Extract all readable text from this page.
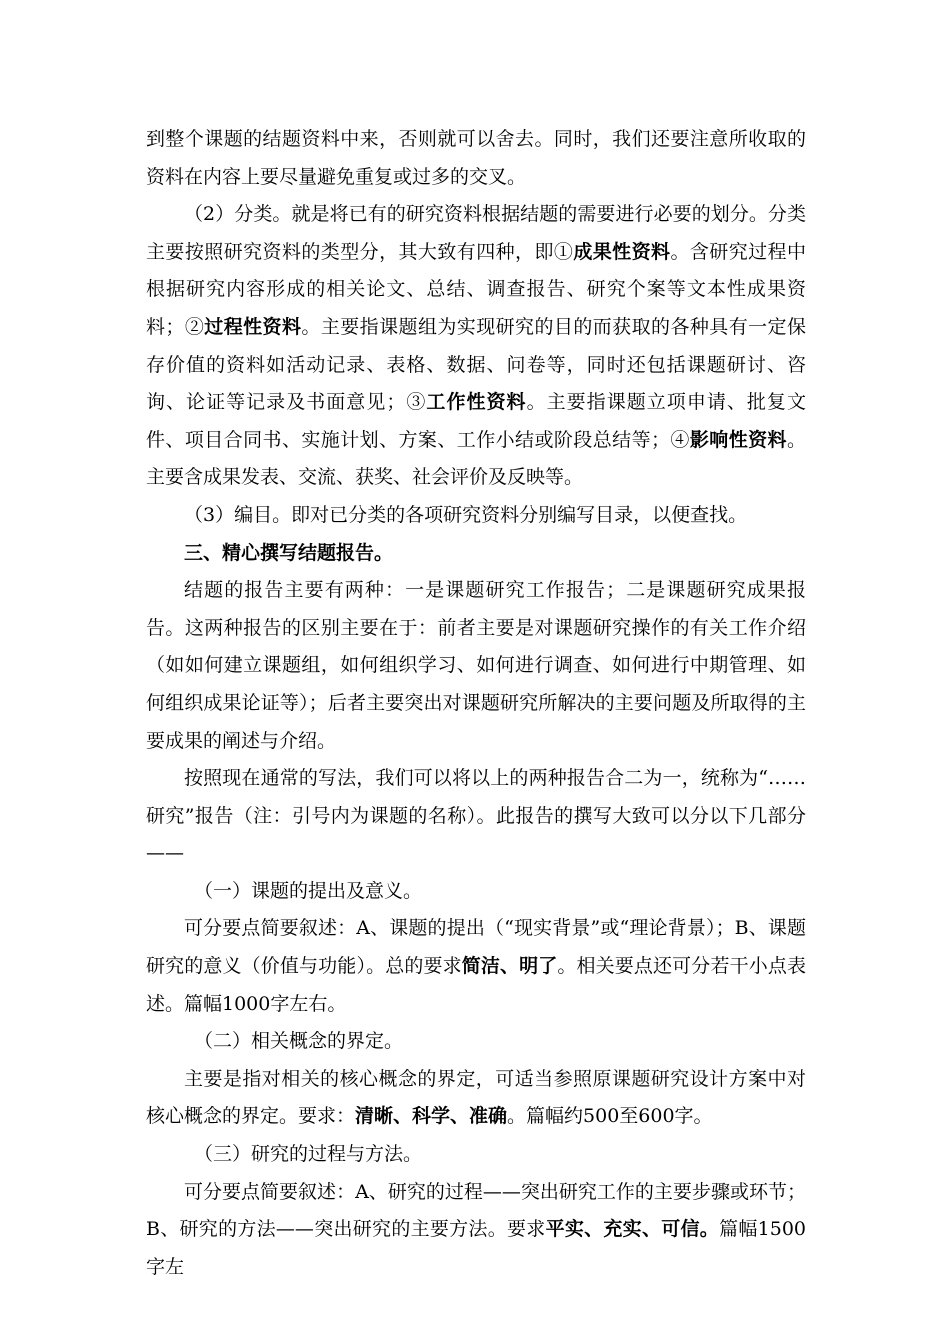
到整个课题的结题资料中来，否则就可以舍去。同时，我们还要注意所收取的资料在内容上要尽量避免重复或过多的交叉。

（2）分类。就是将已有的研究资料根据结题的需要进行必要的划分。分类主要按照研究资料的类型分，其大致有四种，即①成果性资料。含研究过程中根据研究内容形成的相关论文、总结、调查报告、研究个案等文本性成果资料；②过程性资料。主要指课题组为实现研究的目的而获取的各种具有一定保存价值的资料如活动记录、表格、数据、问卷等，同时还包括课题研讨、咨询、论证等记录及书面意见；③工作性资料。主要指课题立项申请、批复文件、项目合同书、实施计划、方案、工作小结或阶段总结等；④影响性资料。主要含成果发表、交流、获奖、社会评价及反映等。

（3）编目。即对已分类的各项研究资料分别编写目录，以便查找。

三、精心撰写结题报告。

结题的报告主要有两种：一是课题研究工作报告；二是课题研究成果报告。这两种报告的区别主要在于：前者主要是对课题研究操作的有关工作介绍（如如何建立课题组，如何组织学习、如何进行调查、如何进行中期管理、如何组织成果论证等）；后者主要突出对课题研究所解决的主要问题及所取得的主要成果的阐述与介绍。

按照现在通常的写法，我们可以将以上的两种报告合二为一，统称为“……研究”报告（注：引号内为课题的名称）。此报告的撰写大致可以分以下几部分——

（一）课题的提出及意义。

可分要点简要叙述：A、课题的提出（“现实背景”或“理论背景）；B、课题研究的意义（价值与功能）。总的要求简洁、明了。相关要点还可分若干小点表述。篇幅1000字左右。

（二）相关概念的界定。

主要是指对相关的核心概念的界定，可适当参照原课题研究设计方案中对核心概念的界定。要求：清晰、科学、准确。篇幅约500至600字。

（三）研究的过程与方法。

可分要点简要叙述：A、研究的过程——突出研究工作的主要步骤或环节；B、研究的方法——突出研究的主要方法。要求平实、充实、可信。篇幅1500字左
